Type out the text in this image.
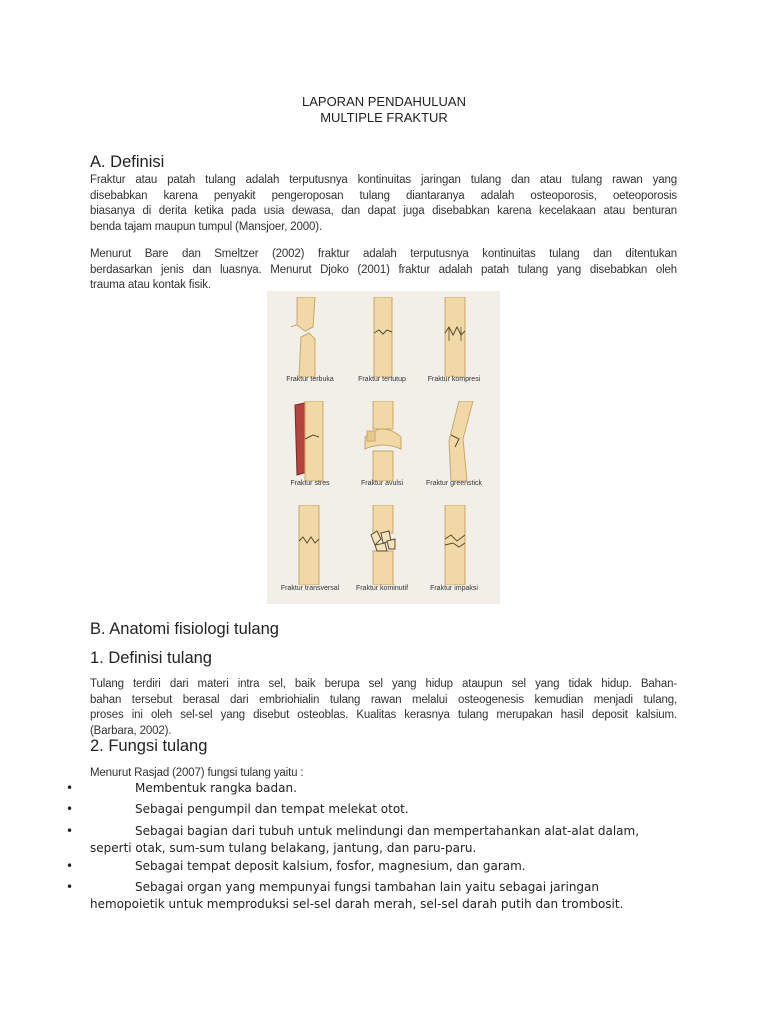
LAPORAN PENDAHULUAN
MULTIPLE FRAKTUR
A. Definisi
Fraktur atau patah tulang adalah terputusnya kontinuitas jaringan tulang dan atau tulang rawan yang
disebabkan karena penyakit pengeroposan tulang diantaranya adalah osteoporosis, oeteoporosis
biasanya di derita ketika pada usia dewasa, dan dapat juga disebabkan karena kecelakaan atau benturan
benda tajam maupun tumpul (Mansjoer, 2000).
Menurut Bare dan Smeltzer (2002) fraktur adalah terputusnya kontinuitas tulang dan ditentukan
berdasarkan jenis dan luasnya. Menurut Djoko (2001) fraktur adalah patah tulang yang disebabkan oleh
trauma atau kontak fisik.
Fraktur terbuka	Fraktur tertutup	Fraktur kompresi
Fraktur stres	Fraktur avulsi	Fraktur greenstick
Fraktur transversal	Fraktur kominutif	Fraktur impaksi
B. Anatomi fisiologi tulang
1. Definisi tulang
Tulang terdiri dari materi intra sel, baik berupa sel yang hidup ataupun sel yang tidak hidup. Bahan-
bahan tersebut berasal dari embriohialin tulang rawan melalui osteogenesis kemudian menjadi tulang,
proses ini oleh sel-sel yang disebut osteoblas. Kualitas kerasnya tulang merupakan hasil deposit kalsium.
(Barbara, 2002).
2. Fungsi tulang
Menurut Rasjad (2007) fungsi tulang yaitu :
•	Membentuk rangka badan.
•	Sebagai pengumpil dan tempat melekat otot.
•	Sebagai bagian dari tubuh untuk melindungi dan mempertahankan alat-alat dalam,
seperti otak, sum-sum tulang belakang, jantung, dan paru-paru.
•	Sebagai tempat deposit kalsium, fosfor, magnesium, dan garam.
•	Sebagai organ yang mempunyai fungsi tambahan lain yaitu sebagai jaringan
hemopoietik untuk memproduksi sel-sel darah merah, sel-sel darah putih dan trombosit.
